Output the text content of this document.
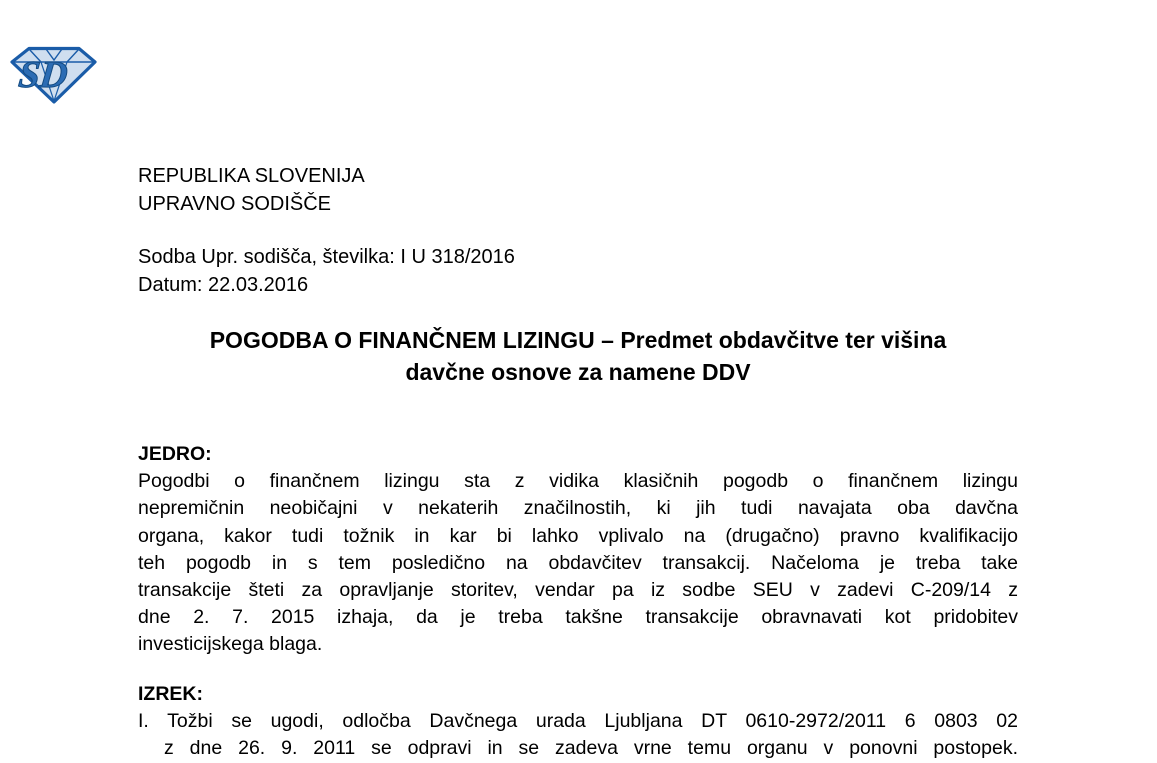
SD
REPUBLIKA SLOVENIJA
UPRAVNO SODIŠČE
Sodba Upr. sodišča, številka: I U 318/2016
Datum: 22.03.2016
POGODBA O FINANČNEM LIZINGU – Predmet obdavčitve ter višina
davčne osnove za namene DDV
JEDRO:
Pogodbi o finančnem lizingu sta z vidika klasičnih pogodb o finančnem lizingu
nepremičnin neobičajni v nekaterih značilnostih, ki jih tudi navajata oba davčna
organa, kakor tudi tožnik in kar bi lahko vplivalo na (drugačno) pravno kvalifikacijo
teh pogodb in s tem posledično na obdavčitev transakcij. Načeloma je treba take
transakcije šteti za opravljanje storitev, vendar pa iz sodbe SEU v zadevi C-209/14 z
dne 2. 7. 2015 izhaja, da je treba takšne transakcije obravnavati kot pridobitev
investicijskega blaga.
IZREK:
I. Tožbi se ugodi, odločba Davčnega urada Ljubljana DT 0610-2972/2011 6 0803 02
z dne 26. 9. 2011 se odpravi in se zadeva vrne temu organu v ponovni postopek.
